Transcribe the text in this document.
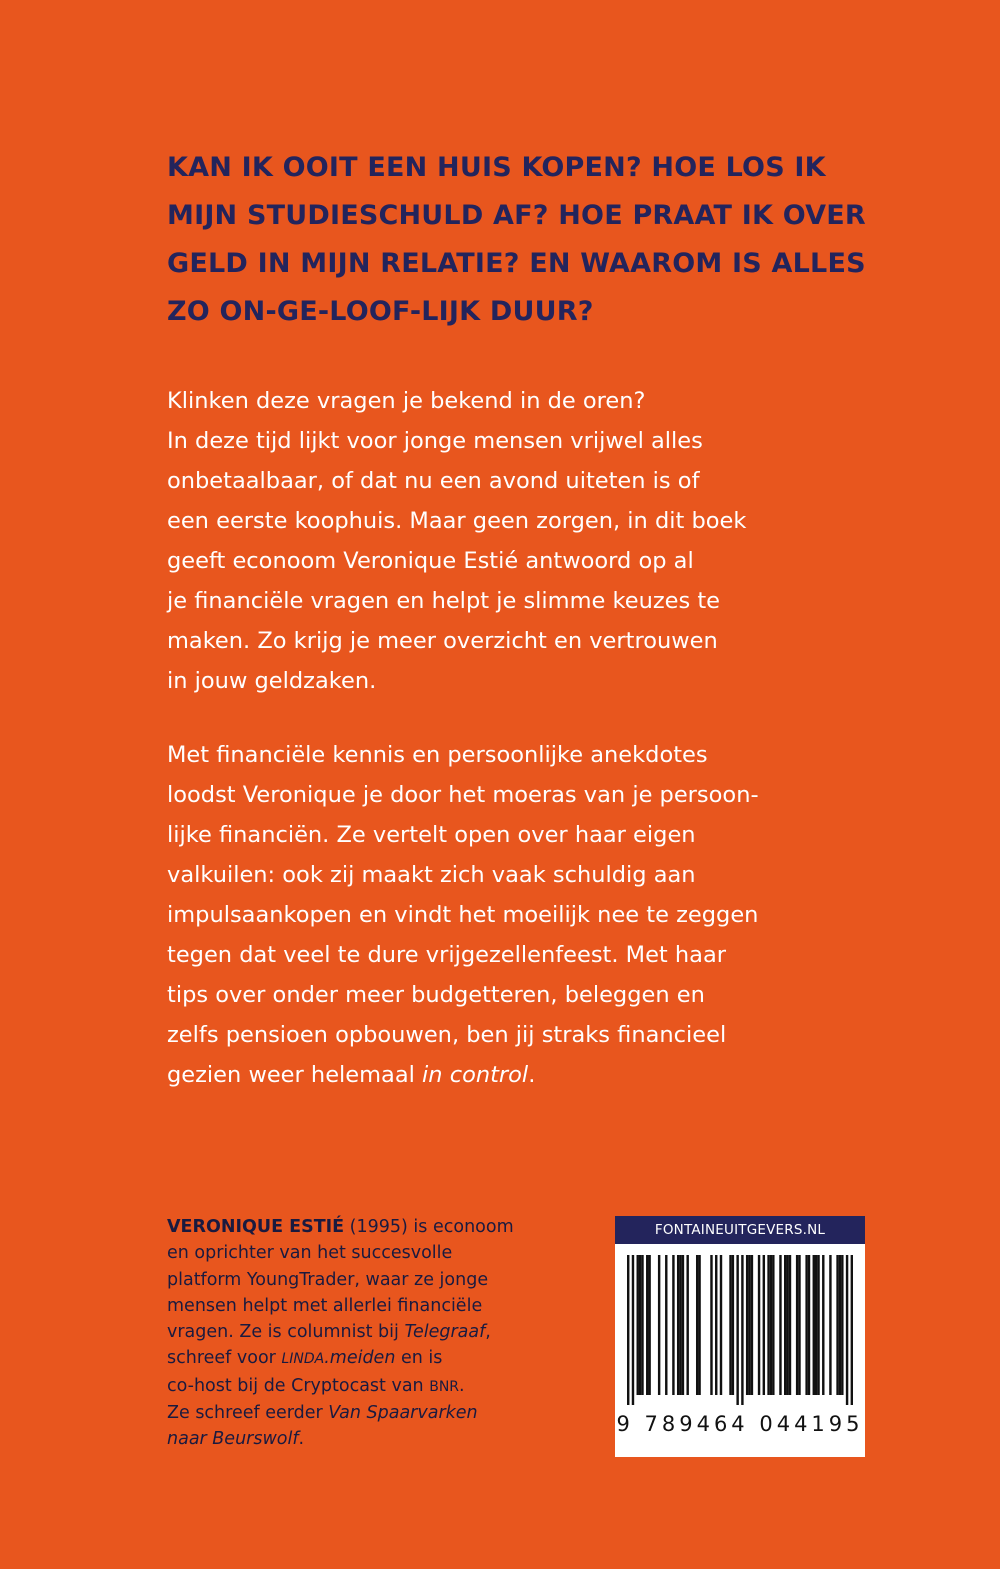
KAN IK OOIT EEN HUIS KOPEN? HOE LOS IK
MIJN STUDIESCHULD AF? HOE PRAAT IK OVER
GELD IN MIJN RELATIE? EN WAAROM IS ALLES
ZO ON-GE-LOOF-LIJK DUUR?

Klinken deze vragen je bekend in de oren?
In deze tijd lijkt voor jonge mensen vrijwel alles
onbetaalbaar, of dat nu een avond uiteten is of
een eerste koophuis. Maar geen zorgen, in dit boek
geeft econoom Veronique Estié antwoord op al
je financiële vragen en helpt je slimme keuzes te
maken. Zo krijg je meer overzicht en vertrouwen
in jouw geldzaken.

Met financiële kennis en persoonlijke anekdotes
loodst Veronique je door het moeras van je persoon-
lijke financiën. Ze vertelt open over haar eigen
valkuilen: ook zij maakt zich vaak schuldig aan
impulsaankopen en vindt het moeilijk nee te zeggen
tegen dat veel te dure vrijgezellenfeest. Met haar
tips over onder meer budgetteren, beleggen en
zelfs pensioen opbouwen, ben jij straks financieel
gezien weer helemaal in control.

VERONIQUE ESTIÉ (1995) is econoom
en oprichter van het succesvolle
platform YoungTrader, waar ze jonge
mensen helpt met allerlei financiële
vragen. Ze is columnist bij Telegraaf,
schreef voor LINDA.meiden en is
co-host bij de Cryptocast van BNR.
Ze schreef eerder Van Spaarvarken
naar Beurswolf.

FONTAINEUITGEVERS.NL
9 789464 044195
